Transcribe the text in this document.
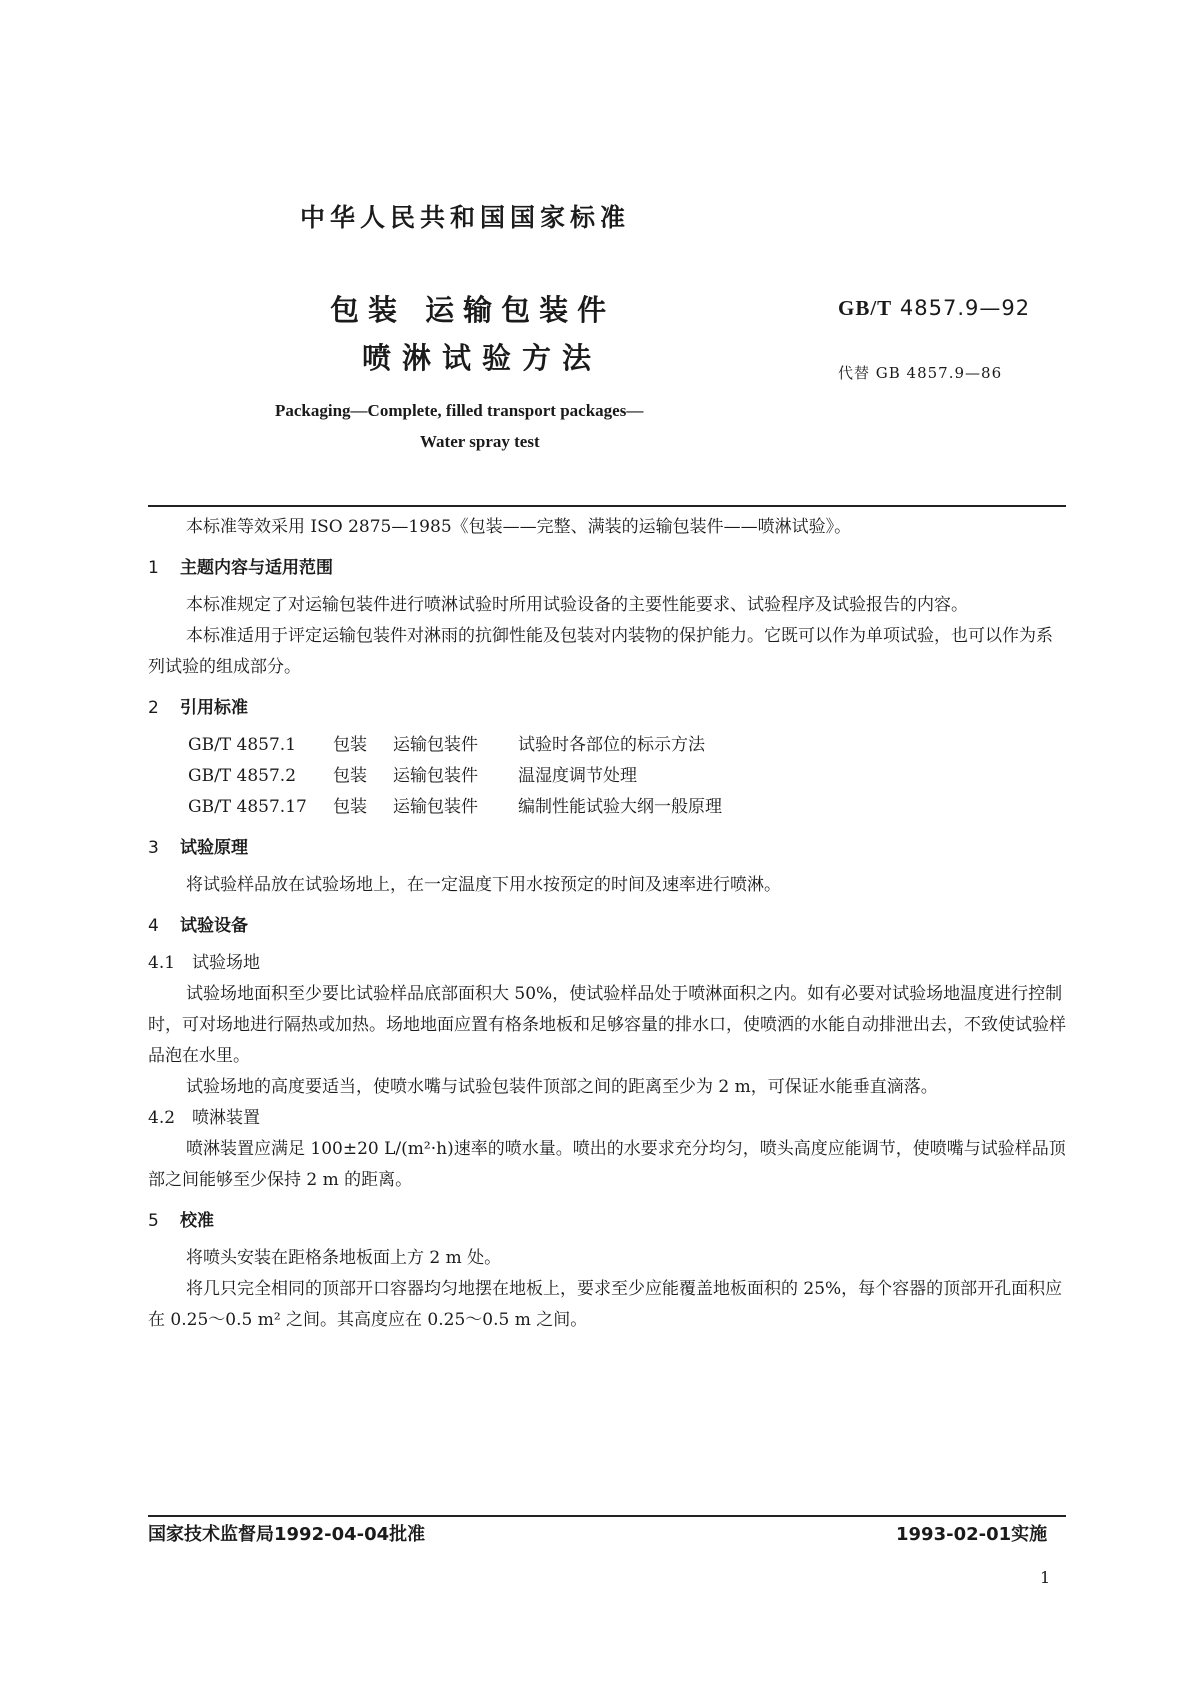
中华人民共和国国家标准
包装 运输包装件
喷淋试验方法
GB/T 4857.9—92
代替 GB 4857.9—86
Packaging—Complete, filled transport packages—
Water spray test

本标准等效采用 ISO 2875—1985《包装——完整、满装的运输包装件——喷淋试验》。

1 主题内容与适用范围

本标准规定了对运输包装件进行喷淋试验时所用试验设备的主要性能要求、试验程序及试验报告的内容。

本标准适用于评定运输包装件对淋雨的抗御性能及包装对内装物的保护能力。它既可以作为单项试验，也可以作为系列试验的组成部分。

2 引用标准

GB/T 4857.1 包装 运输包装件 试验时各部位的标示方法

GB/T 4857.2 包装 运输包装件 温湿度调节处理

GB/T 4857.17 包装 运输包装件 编制性能试验大纲一般原理

3 试验原理

将试验样品放在试验场地上，在一定温度下用水按预定的时间及速率进行喷淋。

4 试验设备

4.1 试验场地

试验场地面积至少要比试验样品底部面积大 50%，使试验样品处于喷淋面积之内。如有必要对试验场地温度进行控制时，可对场地进行隔热或加热。场地地面应置有格条地板和足够容量的排水口，使喷洒的水能自动排泄出去，不致使试验样品泡在水里。

试验场地的高度要适当，使喷水嘴与试验包装件顶部之间的距离至少为 2 m，可保证水能垂直滴落。

4.2 喷淋装置

喷淋装置应满足 100±20 L/(m²·h)速率的喷水量。喷出的水要求充分均匀，喷头高度应能调节，使喷嘴与试验样品顶部之间能够至少保持 2 m 的距离。

5 校准

将喷头安装在距格条地板面上方 2 m 处。

将几只完全相同的顶部开口容器均匀地摆在地板上，要求至少应能覆盖地板面积的 25%，每个容器的顶部开孔面积应在 0.25～0.5 m² 之间。其高度应在 0.25～0.5 m 之间。

国家技术监督局1992-04-04批准	1993-02-01实施
1
